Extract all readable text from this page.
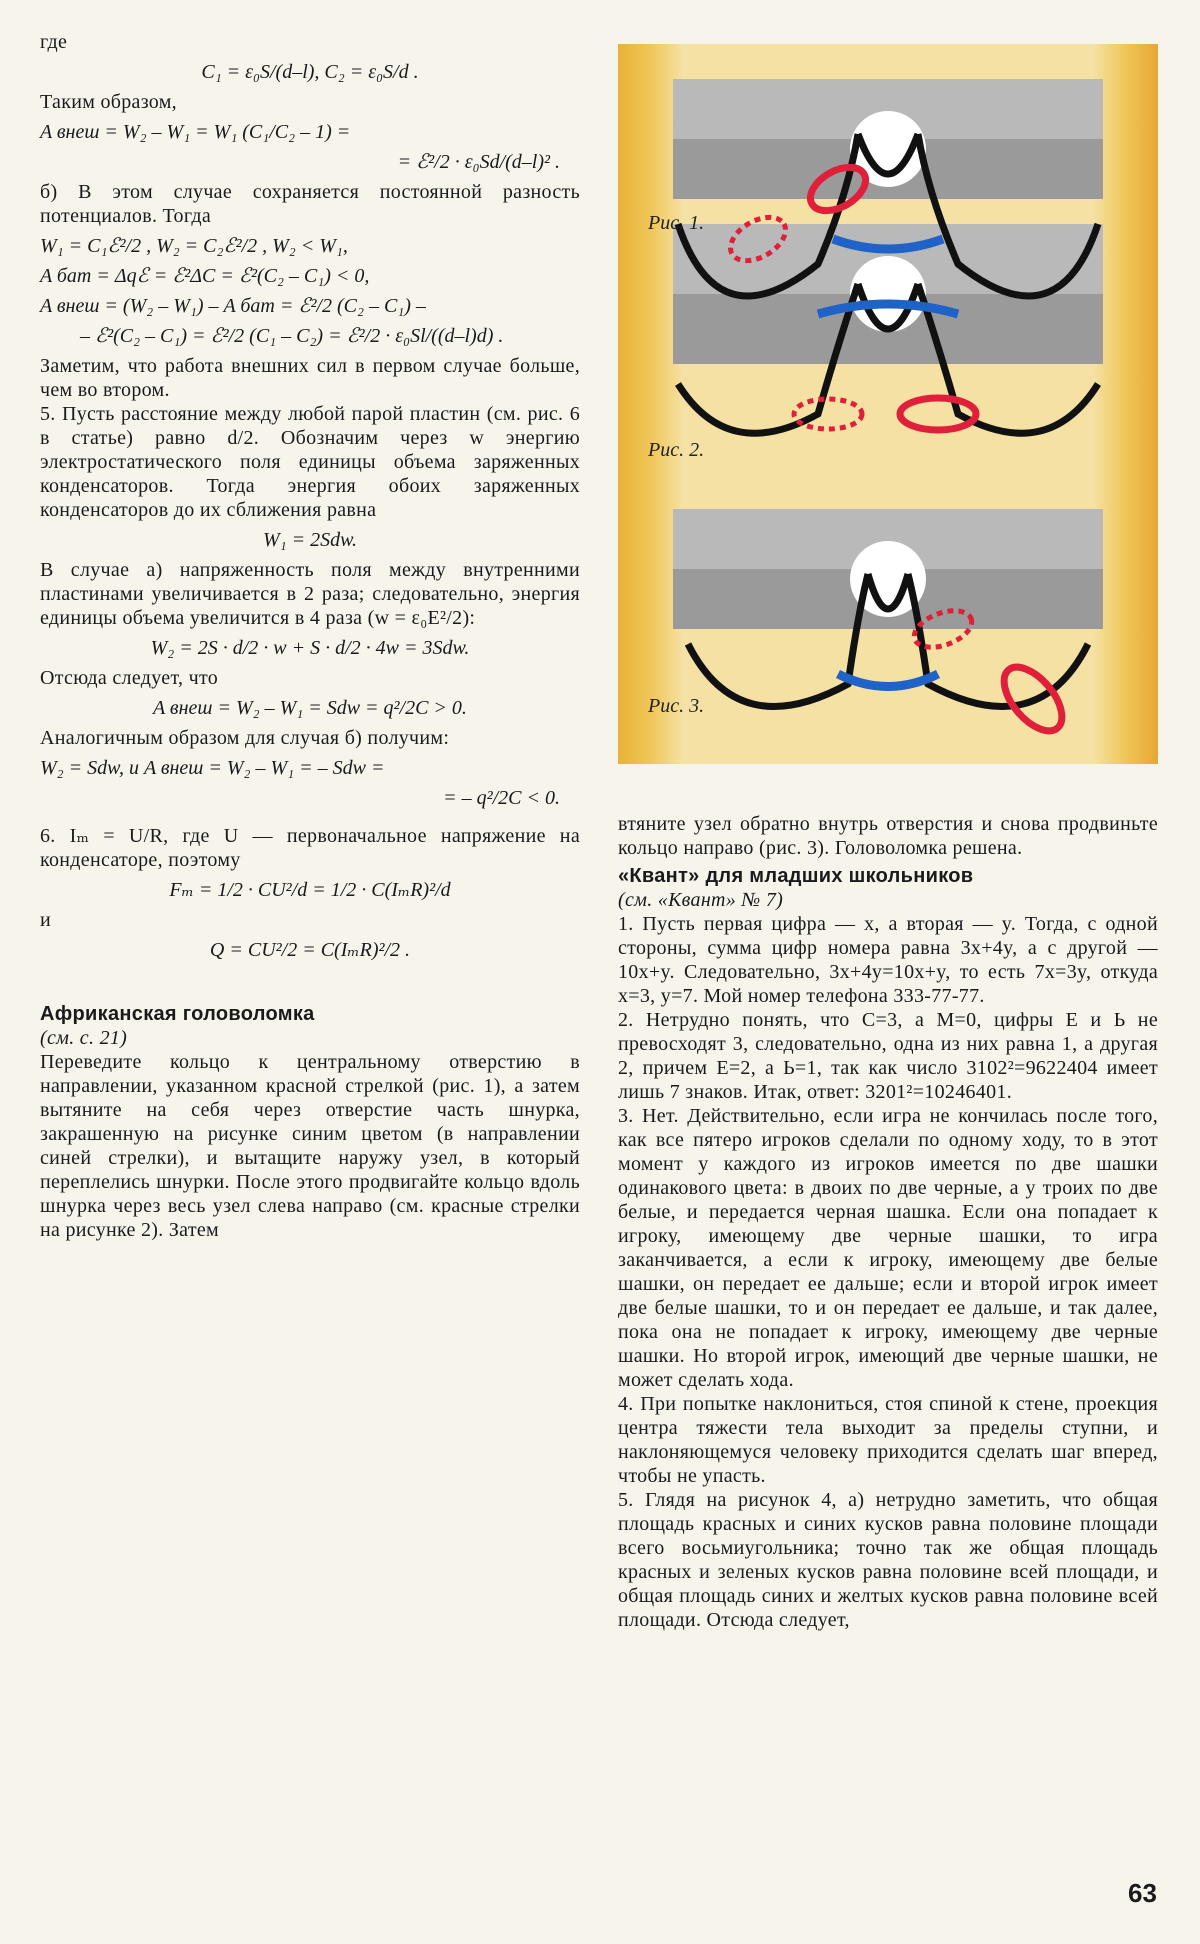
где

C₁ = ε₀S/(d–l), C₂ = ε₀S/d .

Таким образом,

A внеш = W₂ – W₁ = W₁ (C₁/C₂ – 1) =
= ℰ²/2 · ε₀Sd/(d–l)² .

б) В этом случае сохраняется постоянной разность потенциалов. Тогда

W₁ = C₁ℰ²/2 , W₂ = C₂ℰ²/2 , W₂ < W₁,
A бат = Δqℰ = ℰ²ΔC = ℰ²(C₂ – C₁) < 0,
A внеш = (W₂ – W₁) – A бат = ℰ²/2 (C₂ – C₁) –
– ℰ²(C₂ – C₁) = ℰ²/2 (C₁ – C₂) = ℰ²/2 · ε₀Sl/((d–l)d) .

Заметим, что работа внешних сил в первом случае больше, чем во втором.

5. Пусть расстояние между любой парой пластин (см. рис. 6 в статье) равно d/2. Обозначим через w энергию электростатического поля единицы объема заряженных конденсаторов. Тогда энергия обоих заряженных конденсаторов до их сближения равна

W₁ = 2Sdw.

В случае а) напряженность поля между внутренними пластинами увеличивается в 2 раза; следовательно, энергия единицы объема увеличится в 4 раза (w = ε₀E²/2):

W₂ = 2S · d/2 · w + S · d/2 · 4w = 3Sdw.

Отсюда следует, что

A внеш = W₂ – W₁ = Sdw = q²/2C > 0.

Аналогичным образом для случая б) получим:

W₂ = Sdw, и A внеш = W₂ – W₁ = – Sdw =
= – q²/2C < 0.

6. Iₘ = U/R, где U — первоначальное напряжение на конденсаторе, поэтому

Fₘ = 1/2 · CU²/d = 1/2 · C(IₘR)²/d

и

Q = CU²/2 = C(IₘR)²/2 .

Африканская головоломка

(см. с. 21)

Переведите кольцо к центральному отверстию в направлении, указанном красной стрелкой (рис. 1), а затем вытяните на себя через отверстие часть шнурка, закрашенную на рисунке синим цветом (в направлении синей стрелки), и вытащите наружу узел, в который переплелись шнурки. После этого продвигайте кольцо вдоль шнурка через весь узел слева направо (см. красные стрелки на рисунке 2). Затем

Рис. 1.
Рис. 2.
Рис. 3.

втяните узел обратно внутрь отверстия и снова продвиньте кольцо направо (рис. 3). Головоломка решена.

«Квант» для младших школьников

(см. «Квант» № 7)

1. Пусть первая цифра — x, а вторая — y. Тогда, с одной стороны, сумма цифр номера равна 3x+4y, а с другой — 10x+y. Следовательно, 3x+4y=10x+y, то есть 7x=3y, откуда x=3, y=7. Мой номер телефона 333-77-77.

2. Нетрудно понять, что C=3, а M=0, цифры E и Ь не превосходят 3, следовательно, одна из них равна 1, а другая 2, причем E=2, а Ь=1, так как число 3102²=9622404 имеет лишь 7 знаков. Итак, ответ: 3201²=10246401.

3. Нет. Действительно, если игра не кончилась после того, как все пятеро игроков сделали по одному ходу, то в этот момент у каждого из игроков имеется по две шашки одинакового цвета: в двоих по две черные, а у троих по две белые, и передается черная шашка. Если она попадает к игроку, имеющему две черные шашки, то игра заканчивается, а если к игроку, имеющему две белые шашки, он передает ее дальше; если и второй игрок имеет две белые шашки, то и он передает ее дальше, и так далее, пока она не попадает к игроку, имеющему две черные шашки. Но второй игрок, имеющий две черные шашки, не может сделать хода.

4. При попытке наклониться, стоя спиной к стене, проекция центра тяжести тела выходит за пределы ступни, и наклоняющемуся человеку приходится сделать шаг вперед, чтобы не упасть.

5. Глядя на рисунок 4, а) нетрудно заметить, что общая площадь красных и синих кусков равна половине площади всего восьмиугольника; точно так же общая площадь красных и зеленых кусков равна половине всей площади, и общая площадь синих и желтых кусков равна половине всей площади. Отсюда следует,

63
